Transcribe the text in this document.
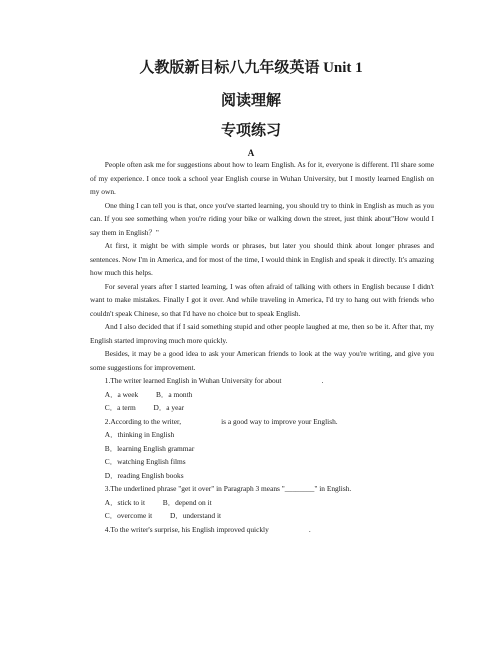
人教版新目标八九年级英语 Unit 1
阅读理解
专项练习
A

People often ask me for suggestions about how to learn English. As for it, everyone is different. I'll share some of my experience. I once took a school year English course in Wuhan University, but I mostly learned English on my own.

One thing I can tell you is that, once you've started learning, you should try to think in English as much as you can. If you see something when you're riding your bike or walking down the street, just think about"How would I say them in English？"

At first, it might be with simple words or phrases, but later you should think about longer phrases and sentences. Now I'm in America, and for most of the time, I would think in English and speak it directly. It's amazing how much this helps.

For several years after I started learning, I was often afraid of talking with others in English because I didn't want to make mistakes. Finally I got it over. And while traveling in America, I'd try to hang out with friends who couldn't speak Chinese, so that I'd have no choice but to speak English.

And I also decided that if I said something stupid and other people laughed at me, then so be it. After that, my English started improving much more quickly.

Besides, it may be a good idea to ask your American friends to look at the way you're writing, and give you some suggestions for improvement.

1.The writer learned English in Wuhan University for about	.

A．a week B．a month

C．a term D．a year

2.According to the writer,	is a good way to improve your English.

A．thinking in English

B．learning English grammar

C．watching English films

D．reading English books

3.The underlined phrase "get it over" in Paragraph 3 means "________" in English.

A．stick to it B．depend on it

C．overcome it D．understand it

4.To the writer's surprise, his English improved quickly	.
